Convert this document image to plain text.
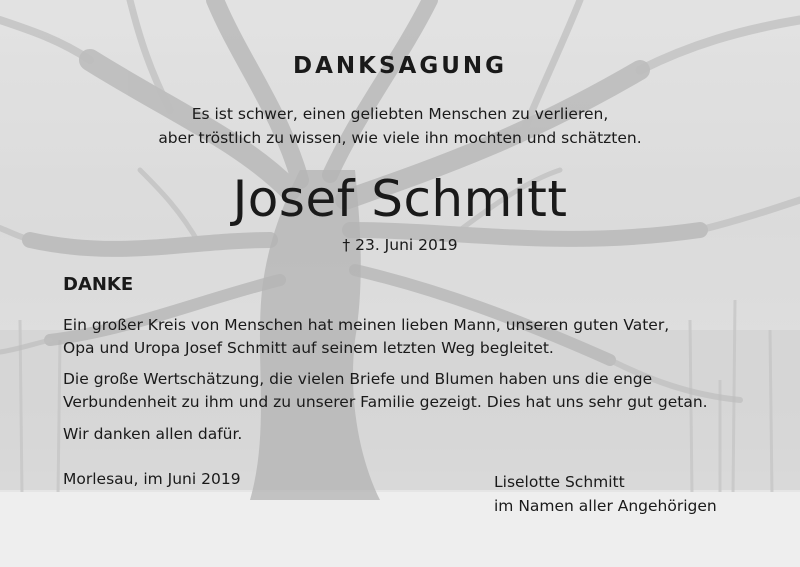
DANKSAGUNG
Es ist schwer, einen geliebten Menschen zu verlieren,
aber tröstlich zu wissen, wie viele ihn mochten und schätzten.
Josef Schmitt
† 23. Juni 2019
DANKE
Ein großer Kreis von Menschen hat meinen lieben Mann, unseren guten Vater,
Opa und Uropa Josef Schmitt auf seinem letzten Weg begleitet.
Die große Wertschätzung, die vielen Briefe und Blumen haben uns die enge
Verbundenheit zu ihm und zu unserer Familie gezeigt. Dies hat uns sehr gut getan.
Wir danken allen dafür.
Morlesau, im Juni 2019	Liselotte Schmitt
im Namen aller Angehörigen
